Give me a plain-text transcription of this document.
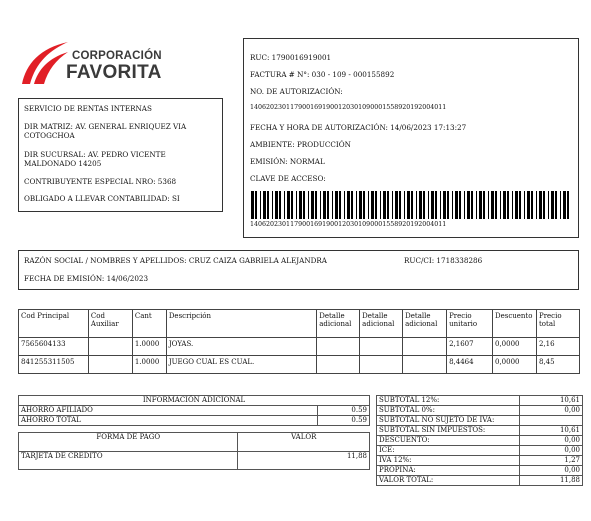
CORPORACIÓN
FAVORITA
SERVICIO DE RENTAS INTERNAS
DIR MATRIZ: AV. GENERAL ENRIQUEZ VIA COTOGCHOA
DIR SUCURSAL: AV. PEDRO VICENTE MALDONADO 14205
CONTRIBUYENTE ESPECIAL NRO: 5368
OBLIGADO A LLEVAR CONTABILIDAD: SI
RUC: 1790016919001
FACTURA # N°: 030 - 109 - 000155892
NO. DE AUTORIZACIÓN:
1406202301179001691900120301090001558920192004011
FECHA Y HORA DE AUTORIZACIÓN: 14/06/2023 17:13:27
AMBIENTE: PRODUCCIÓN
EMISIÓN: NORMAL
CLAVE DE ACCESO:
1406202301179001691900120301090001558920192004011
RAZÓN SOCIAL / NOMBRES Y APELLIDOS: CRUZ CAIZA GABRIELA ALEJANDRA	RUC/CI: 1718338286
FECHA DE EMISIÓN: 14/06/2023
Cod Principal	Cod Auxiliar	Cant	Descripción	Detalle adicional	Detalle adicional	Detalle adicional	Precio unitario	Descuento	Precio total
7565604133		1.0000	JOYAS.				2,1607	0,0000	2,16
841255311505		1.0000	JUEGO CUAL ES CUAL.				8,4464	0,0000	8,45
INFORMACIÓN ADICIONAL	
AHORRO AFILIADO	0.59
AHORRO TOTAL	0.59
FORMA DE PAGO	VALOR
TARJETA DE CREDITO	11,88
SUBTOTAL 12%:	10,61
SUBTOTAL 0%:	0,00
SUBTOTAL NO SUJETO DE IVA:	
SUBTOTAL SIN IMPUESTOS:	10,61
DESCUENTO:	0,00
ICE:	0,00
IVA 12%:	1,27
PROPINA:	0,00
VALOR TOTAL:	11,88
